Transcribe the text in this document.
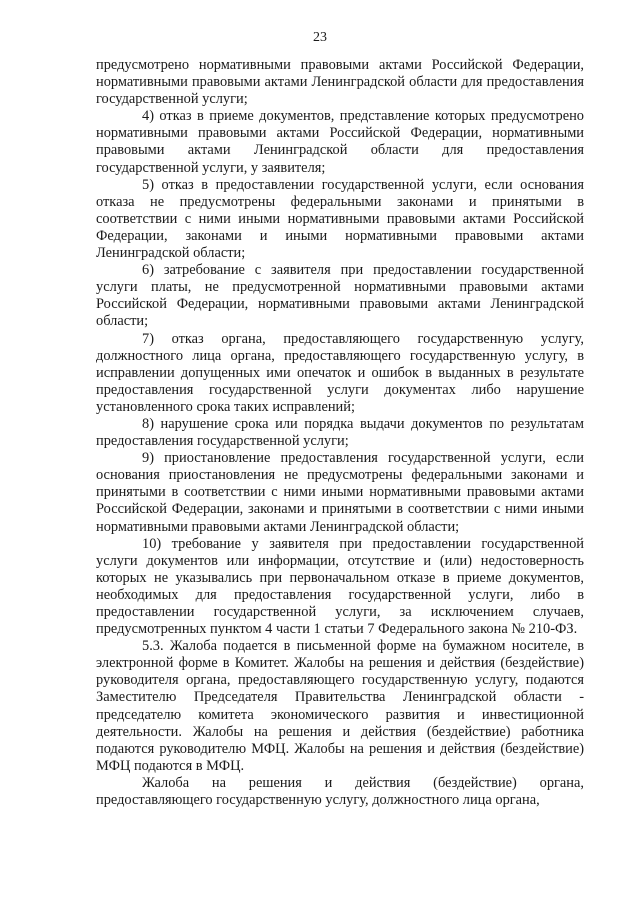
23

предусмотрено нормативными правовыми актами Российской Федерации, нормативными правовыми актами Ленинградской области для предоставления государственной услуги;

4) отказ в приеме документов, представление которых предусмотрено нормативными правовыми актами Российской Федерации, нормативными правовыми актами Ленинградской области для предоставления государственной услуги, у заявителя;

5) отказ в предоставлении государственной услуги, если основания отказа не предусмотрены федеральными законами и принятыми в соответствии с ними иными нормативными правовыми актами Российской Федерации, законами и иными нормативными правовыми актами Ленинградской области;

6) затребование с заявителя при предоставлении государственной услуги платы, не предусмотренной нормативными правовыми актами Российской Федерации, нормативными правовыми актами Ленинградской области;

7) отказ органа, предоставляющего государственную услугу, должностного лица органа, предоставляющего государственную услугу, в исправлении допущенных ими опечаток и ошибок в выданных в результате предоставления государственной услуги документах либо нарушение установленного срока таких исправлений;

8) нарушение срока или порядка выдачи документов по результатам предоставления государственной услуги;

9) приостановление предоставления государственной услуги, если основания приостановления не предусмотрены федеральными законами и принятыми в соответствии с ними иными нормативными правовыми актами Российской Федерации, законами и принятыми в соответствии с ними иными нормативными правовыми актами Ленинградской области;

10) требование у заявителя при предоставлении государственной услуги документов или информации, отсутствие и (или) недостоверность которых не указывались при первоначальном отказе в приеме документов, необходимых для предоставления государственной услуги, либо в предоставлении государственной услуги, за исключением случаев, предусмотренных пунктом 4 части 1 статьи 7 Федерального закона № 210-ФЗ.

5.3. Жалоба подается в письменной форме на бумажном носителе, в электронной форме в Комитет. Жалобы на решения и действия (бездействие) руководителя органа, предоставляющего государственную услугу, подаются Заместителю Председателя Правительства Ленинградской области - председателю комитета экономического развития и инвестиционной деятельности. Жалобы на решения и действия (бездействие) работника подаются руководителю МФЦ. Жалобы на решения и действия (бездействие) МФЦ подаются в МФЦ.

Жалоба на решения и действия (бездействие) органа, предоставляющего государственную услугу, должностного лица органа,
